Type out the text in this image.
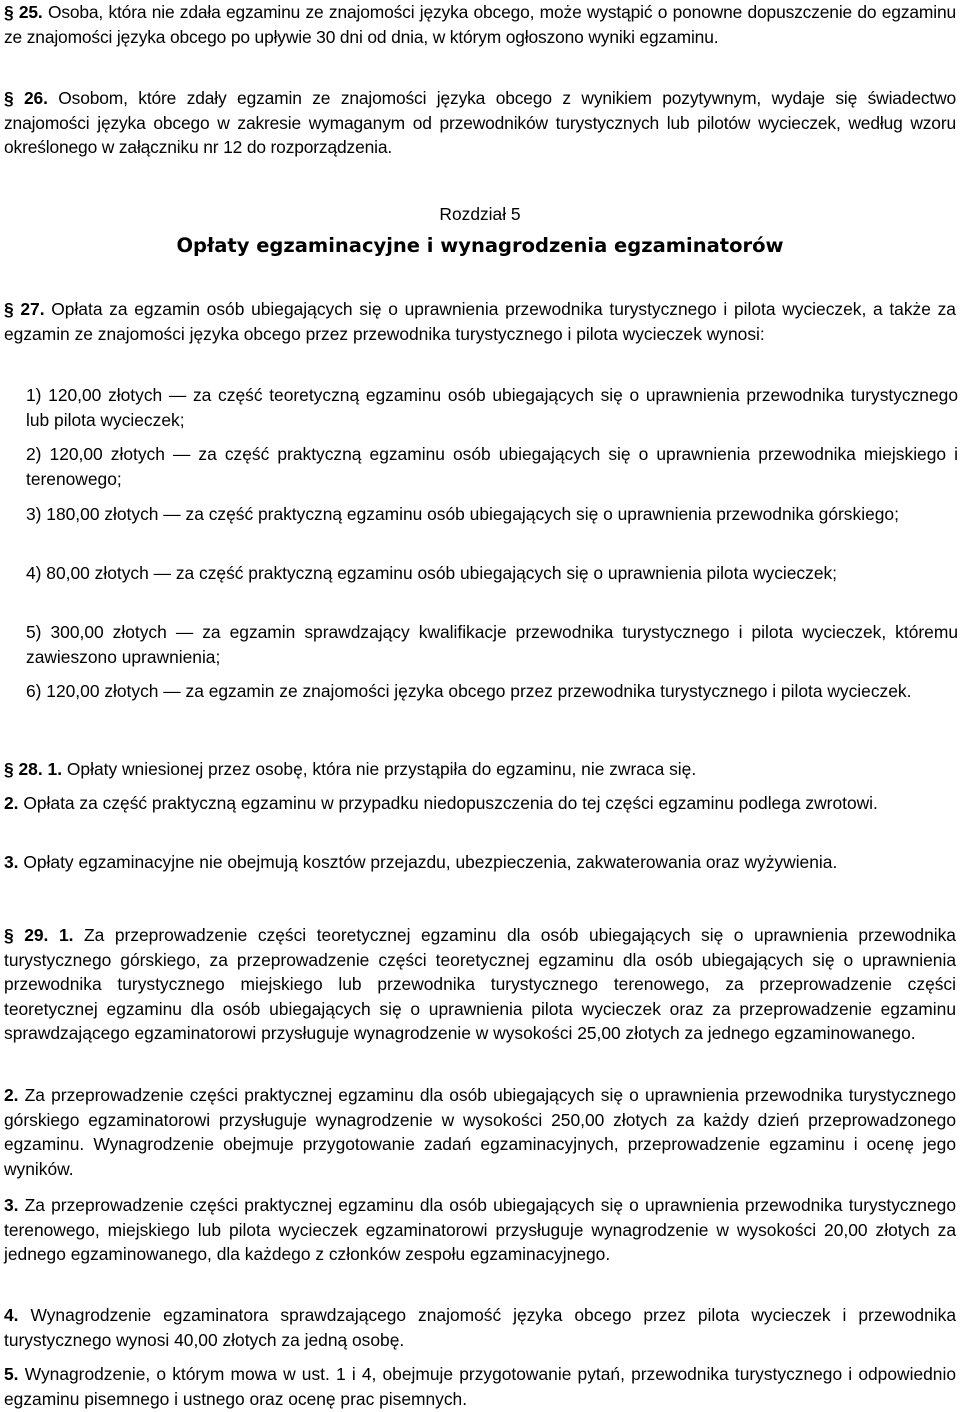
§ 25. Osoba, która nie zdała egzaminu ze znajomości języka obcego, może wystąpić o ponowne dopuszczenie do egzaminu ze znajomości języka obcego po upływie 30 dni od dnia, w którym ogłoszono wyniki egzaminu.

§ 26. Osobom, które zdały egzamin ze znajomości języka obcego z wynikiem pozytywnym, wydaje się świadectwo znajomości języka obcego w zakresie wymaganym od przewodników turystycznych lub pilotów wycieczek, według wzoru określonego w załączniku nr 12 do rozporządzenia.

Rozdział 5
Opłaty egzaminacyjne i wynagrodzenia egzaminatorów

§ 27. Opłata za egzamin osób ubiegających się o uprawnienia przewodnika turystycznego i pilota wycieczek, a także za egzamin ze znajomości języka obcego przez przewodnika turystycznego i pilota wycieczek wynosi:

1) 120,00 złotych — za część teoretyczną egzaminu osób ubiegających się o uprawnienia przewodnika turystycznego lub pilota wycieczek;

2) 120,00 złotych — za część praktyczną egzaminu osób ubiegających się o uprawnienia przewodnika miejskiego i terenowego;

3) 180,00 złotych — za część praktyczną egzaminu osób ubiegających się o uprawnienia przewodnika górskiego;

4) 80,00 złotych — za część praktyczną egzaminu osób ubiegających się o uprawnienia pilota wycieczek;

5) 300,00 złotych — za egzamin sprawdzający kwalifikacje przewodnika turystycznego i pilota wycieczek, któremu zawieszono uprawnienia;

6) 120,00 złotych — za egzamin ze znajomości języka obcego przez przewodnika turystycznego i pilota wycieczek.

§ 28. 1. Opłaty wniesionej przez osobę, która nie przystąpiła do egzaminu, nie zwraca się.

2. Opłata za część praktyczną egzaminu w przypadku niedopuszczenia do tej części egzaminu podlega zwrotowi.

3. Opłaty egzaminacyjne nie obejmują kosztów przejazdu, ubezpieczenia, zakwaterowania oraz wyżywienia.

§ 29. 1. Za przeprowadzenie części teoretycznej egzaminu dla osób ubiegających się o uprawnienia przewodnika turystycznego górskiego, za przeprowadzenie części teoretycznej egzaminu dla osób ubiegających się o uprawnienia przewodnika turystycznego miejskiego lub przewodnika turystycznego terenowego, za przeprowadzenie części teoretycznej egzaminu dla osób ubiegających się o uprawnienia pilota wycieczek oraz za przeprowadzenie egzaminu sprawdzającego egzaminatorowi przysługuje wynagrodzenie w wysokości 25,00 złotych za jednego egzaminowanego.

2. Za przeprowadzenie części praktycznej egzaminu dla osób ubiegających się o uprawnienia przewodnika turystycznego górskiego egzaminatorowi przysługuje wynagrodzenie w wysokości 250,00 złotych za każdy dzień przeprowadzonego egzaminu. Wynagrodzenie obejmuje przygotowanie zadań egzaminacyjnych, przeprowadzenie egzaminu i ocenę jego wyników.

3. Za przeprowadzenie części praktycznej egzaminu dla osób ubiegających się o uprawnienia przewodnika turystycznego terenowego, miejskiego lub pilota wycieczek egzaminatorowi przysługuje wynagrodzenie w wysokości 20,00 złotych za jednego egzaminowanego, dla każdego z członków zespołu egzaminacyjnego.

4. Wynagrodzenie egzaminatora sprawdzającego znajomość języka obcego przez pilota wycieczek i przewodnika turystycznego wynosi 40,00 złotych za jedną osobę.

5. Wynagrodzenie, o którym mowa w ust. 1 i 4, obejmuje przygotowanie pytań, przewodnika turystycznego i odpowiednio egzaminu pisemnego i ustnego oraz ocenę prac pisemnych.
